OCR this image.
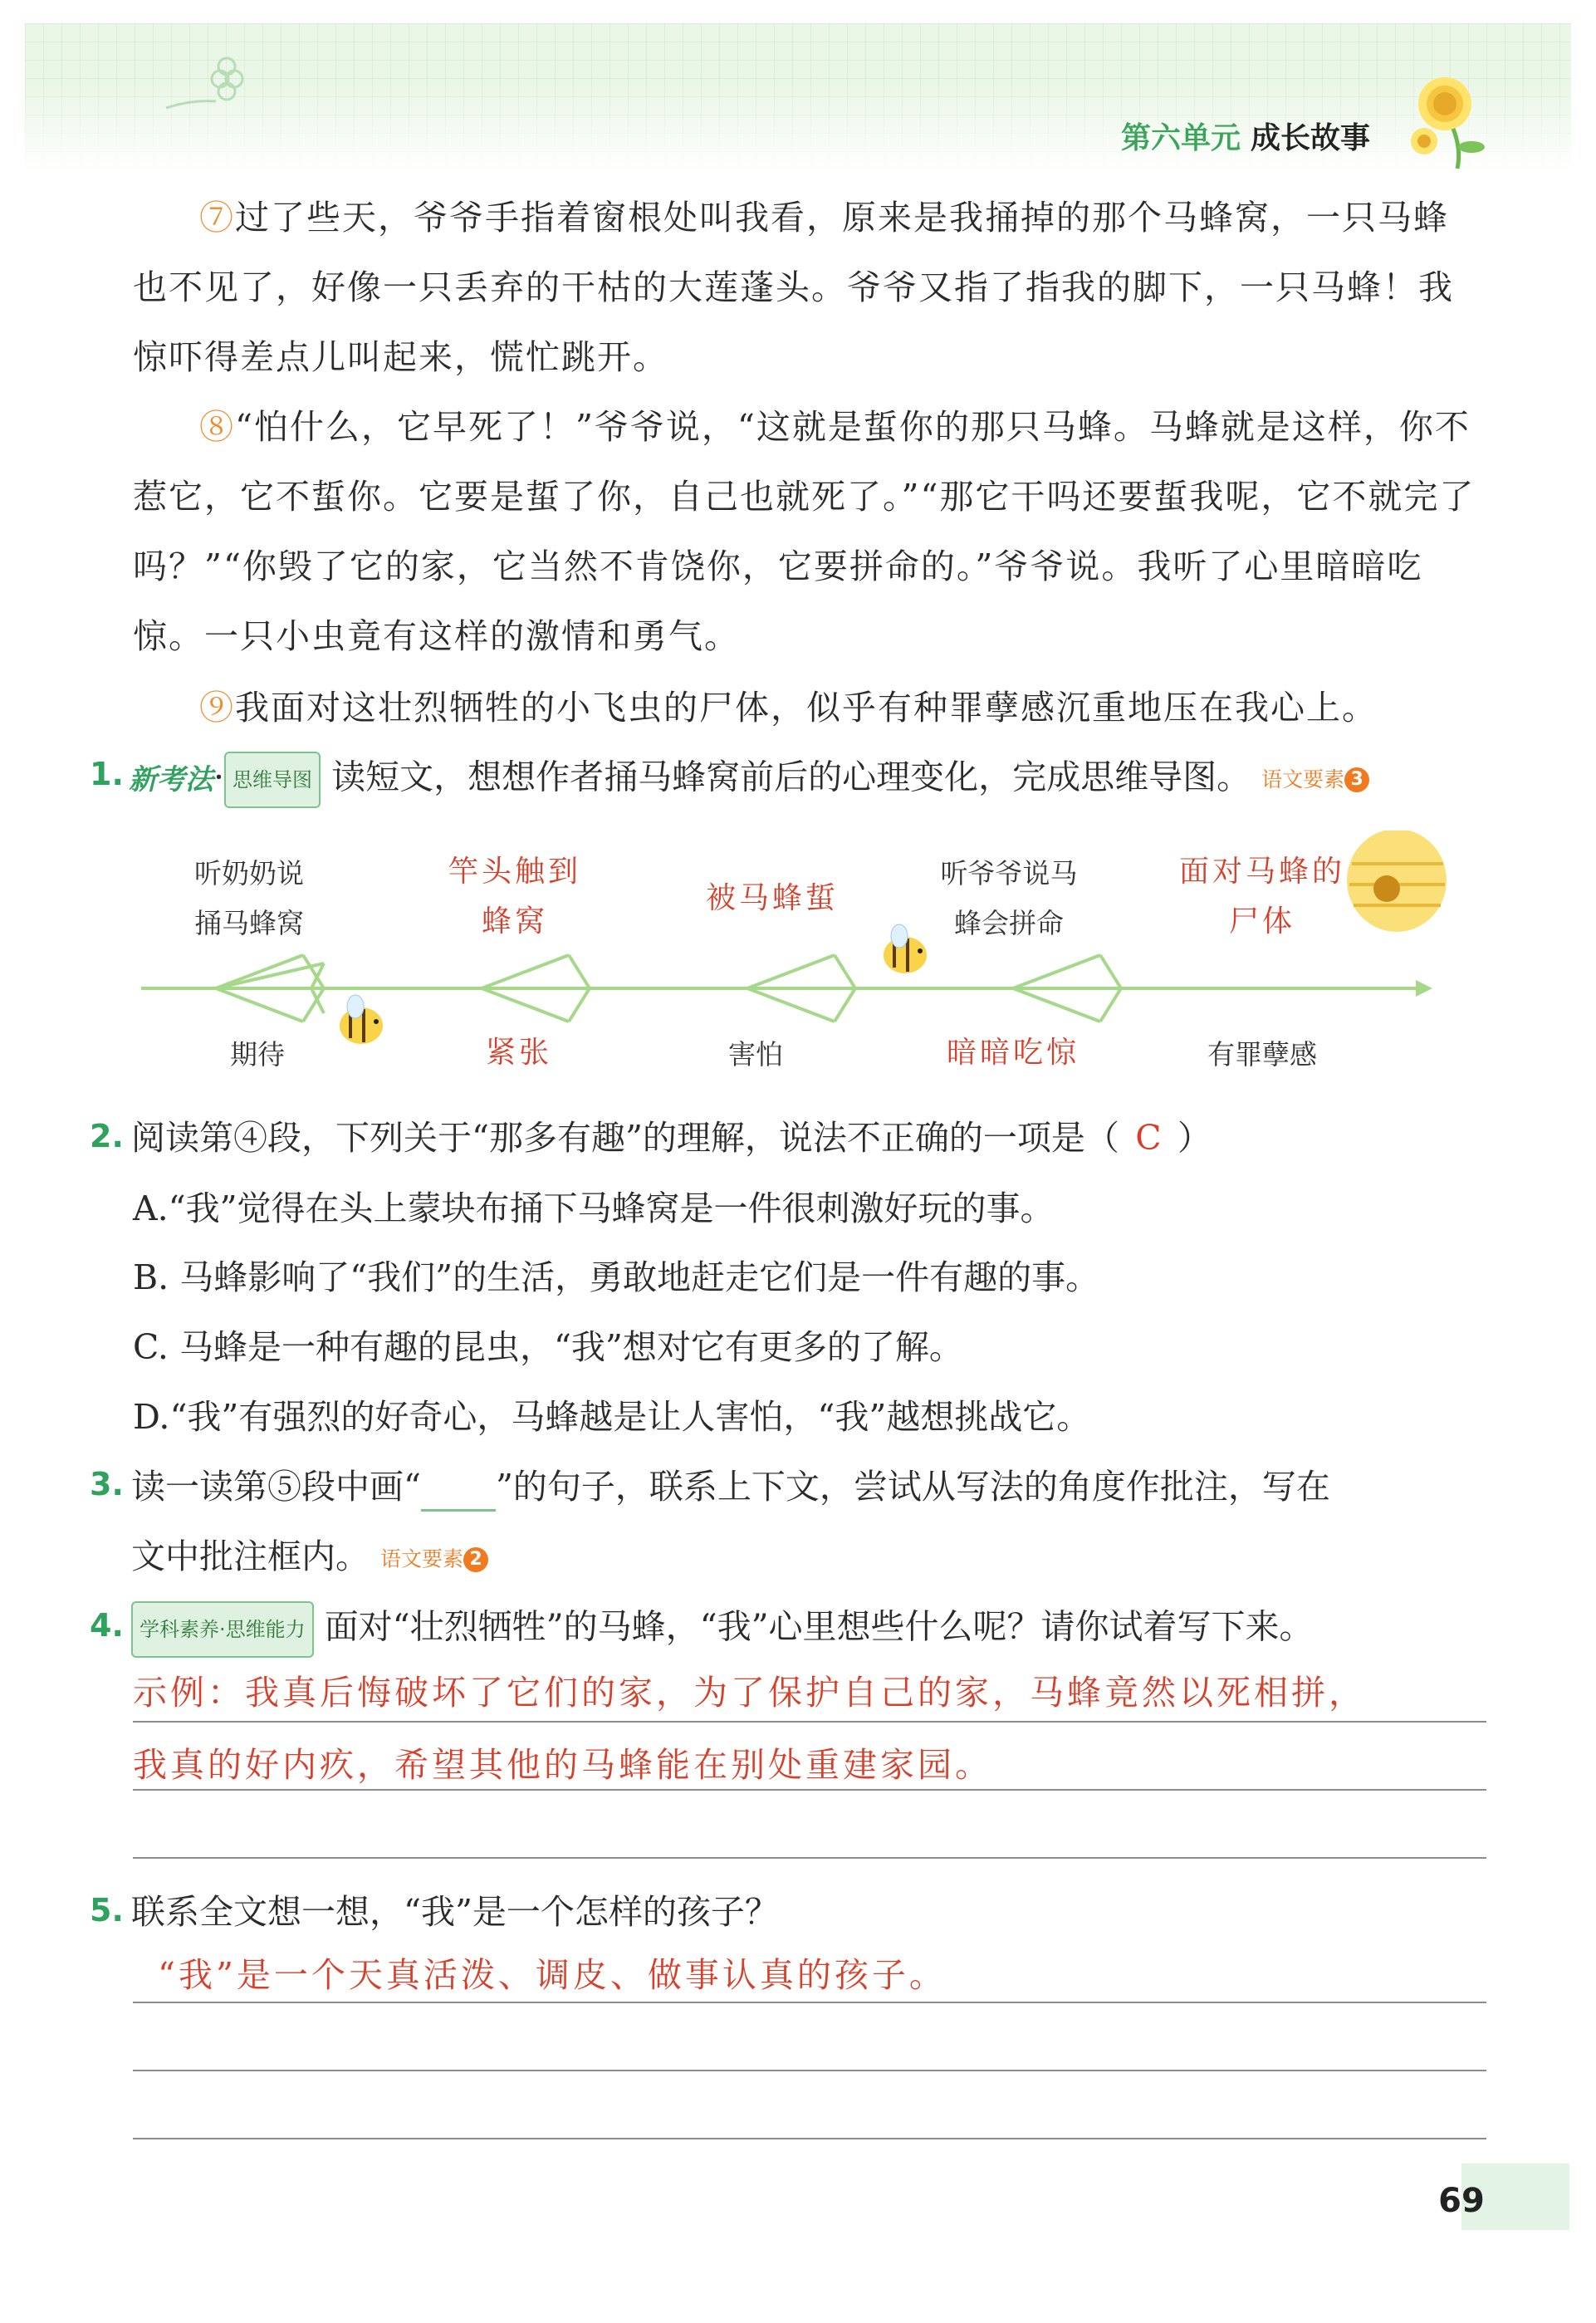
第六单元 成长故事
⑦过了些天，爷爷手指着窗根处叫我看，原来是我捅掉的那个马蜂窝，一只马蜂也不见了，好像一只丢弃的干枯的大莲蓬头。爷爷又指了指我的脚下，一只马蜂！我惊吓得差点儿叫起来，慌忙跳开。
⑧“怕什么，它早死了！”爷爷说，“这就是蜇你的那只马蜂。马蜂就是这样，你不惹它，它不蜇你。它要是蜇了你，自己也就死了。”“那它干吗还要蜇我呢，它不就完了吗？”“你毁了它的家，它当然不肯饶你，它要拼命的。”爷爷说。我听了心里暗暗吃惊。一只小虫竟有这样的激情和勇气。
⑨我面对这壮烈牺牲的小飞虫的尸体，似乎有种罪孽感沉重地压在我心上。
1. 新考法· 思维导图 读短文，想想作者捅马蜂窝前后的心理变化，完成思维导图。 语文要素 3
听奶奶说捅马蜂窝
竿头触到蜂窝
被马蜂蜇
听爷爷说马蜂会拼命
面对马蜂的尸体
期待	紧张	害怕	暗暗吃惊	有罪孽感
2. 阅读第④段，下列关于“那多有趣”的理解，说法不正确的一项是（ C ）
A.“我”觉得在头上蒙块布捅下马蜂窝是一件很刺激好玩的事。
B. 马蜂影响了“我们”的生活，勇敢地赶走它们是一件有趣的事。
C. 马蜂是一种有趣的昆虫，“我”想对它有更多的了解。
D.“我”有强烈的好奇心，马蜂越是让人害怕，“我”越想挑战它。
3. 读一读第⑤段中画“ ”的句子，联系上下文，尝试从写法的角度作批注，写在
文中批注框内。 语文要素 2
4. 学科素养·思维能力 面对“壮烈牺牲”的马蜂，“我”心里想些什么呢？请你试着写下来。
示例：我真后悔破坏了它们的家，为了保护自己的家，马蜂竟然以死相拼，
我真的好内疚，希望其他的马蜂能在别处重建家园。
5. 联系全文想一想，“我”是一个怎样的孩子？
“我”是一个天真活泼、调皮、做事认真的孩子。
69
